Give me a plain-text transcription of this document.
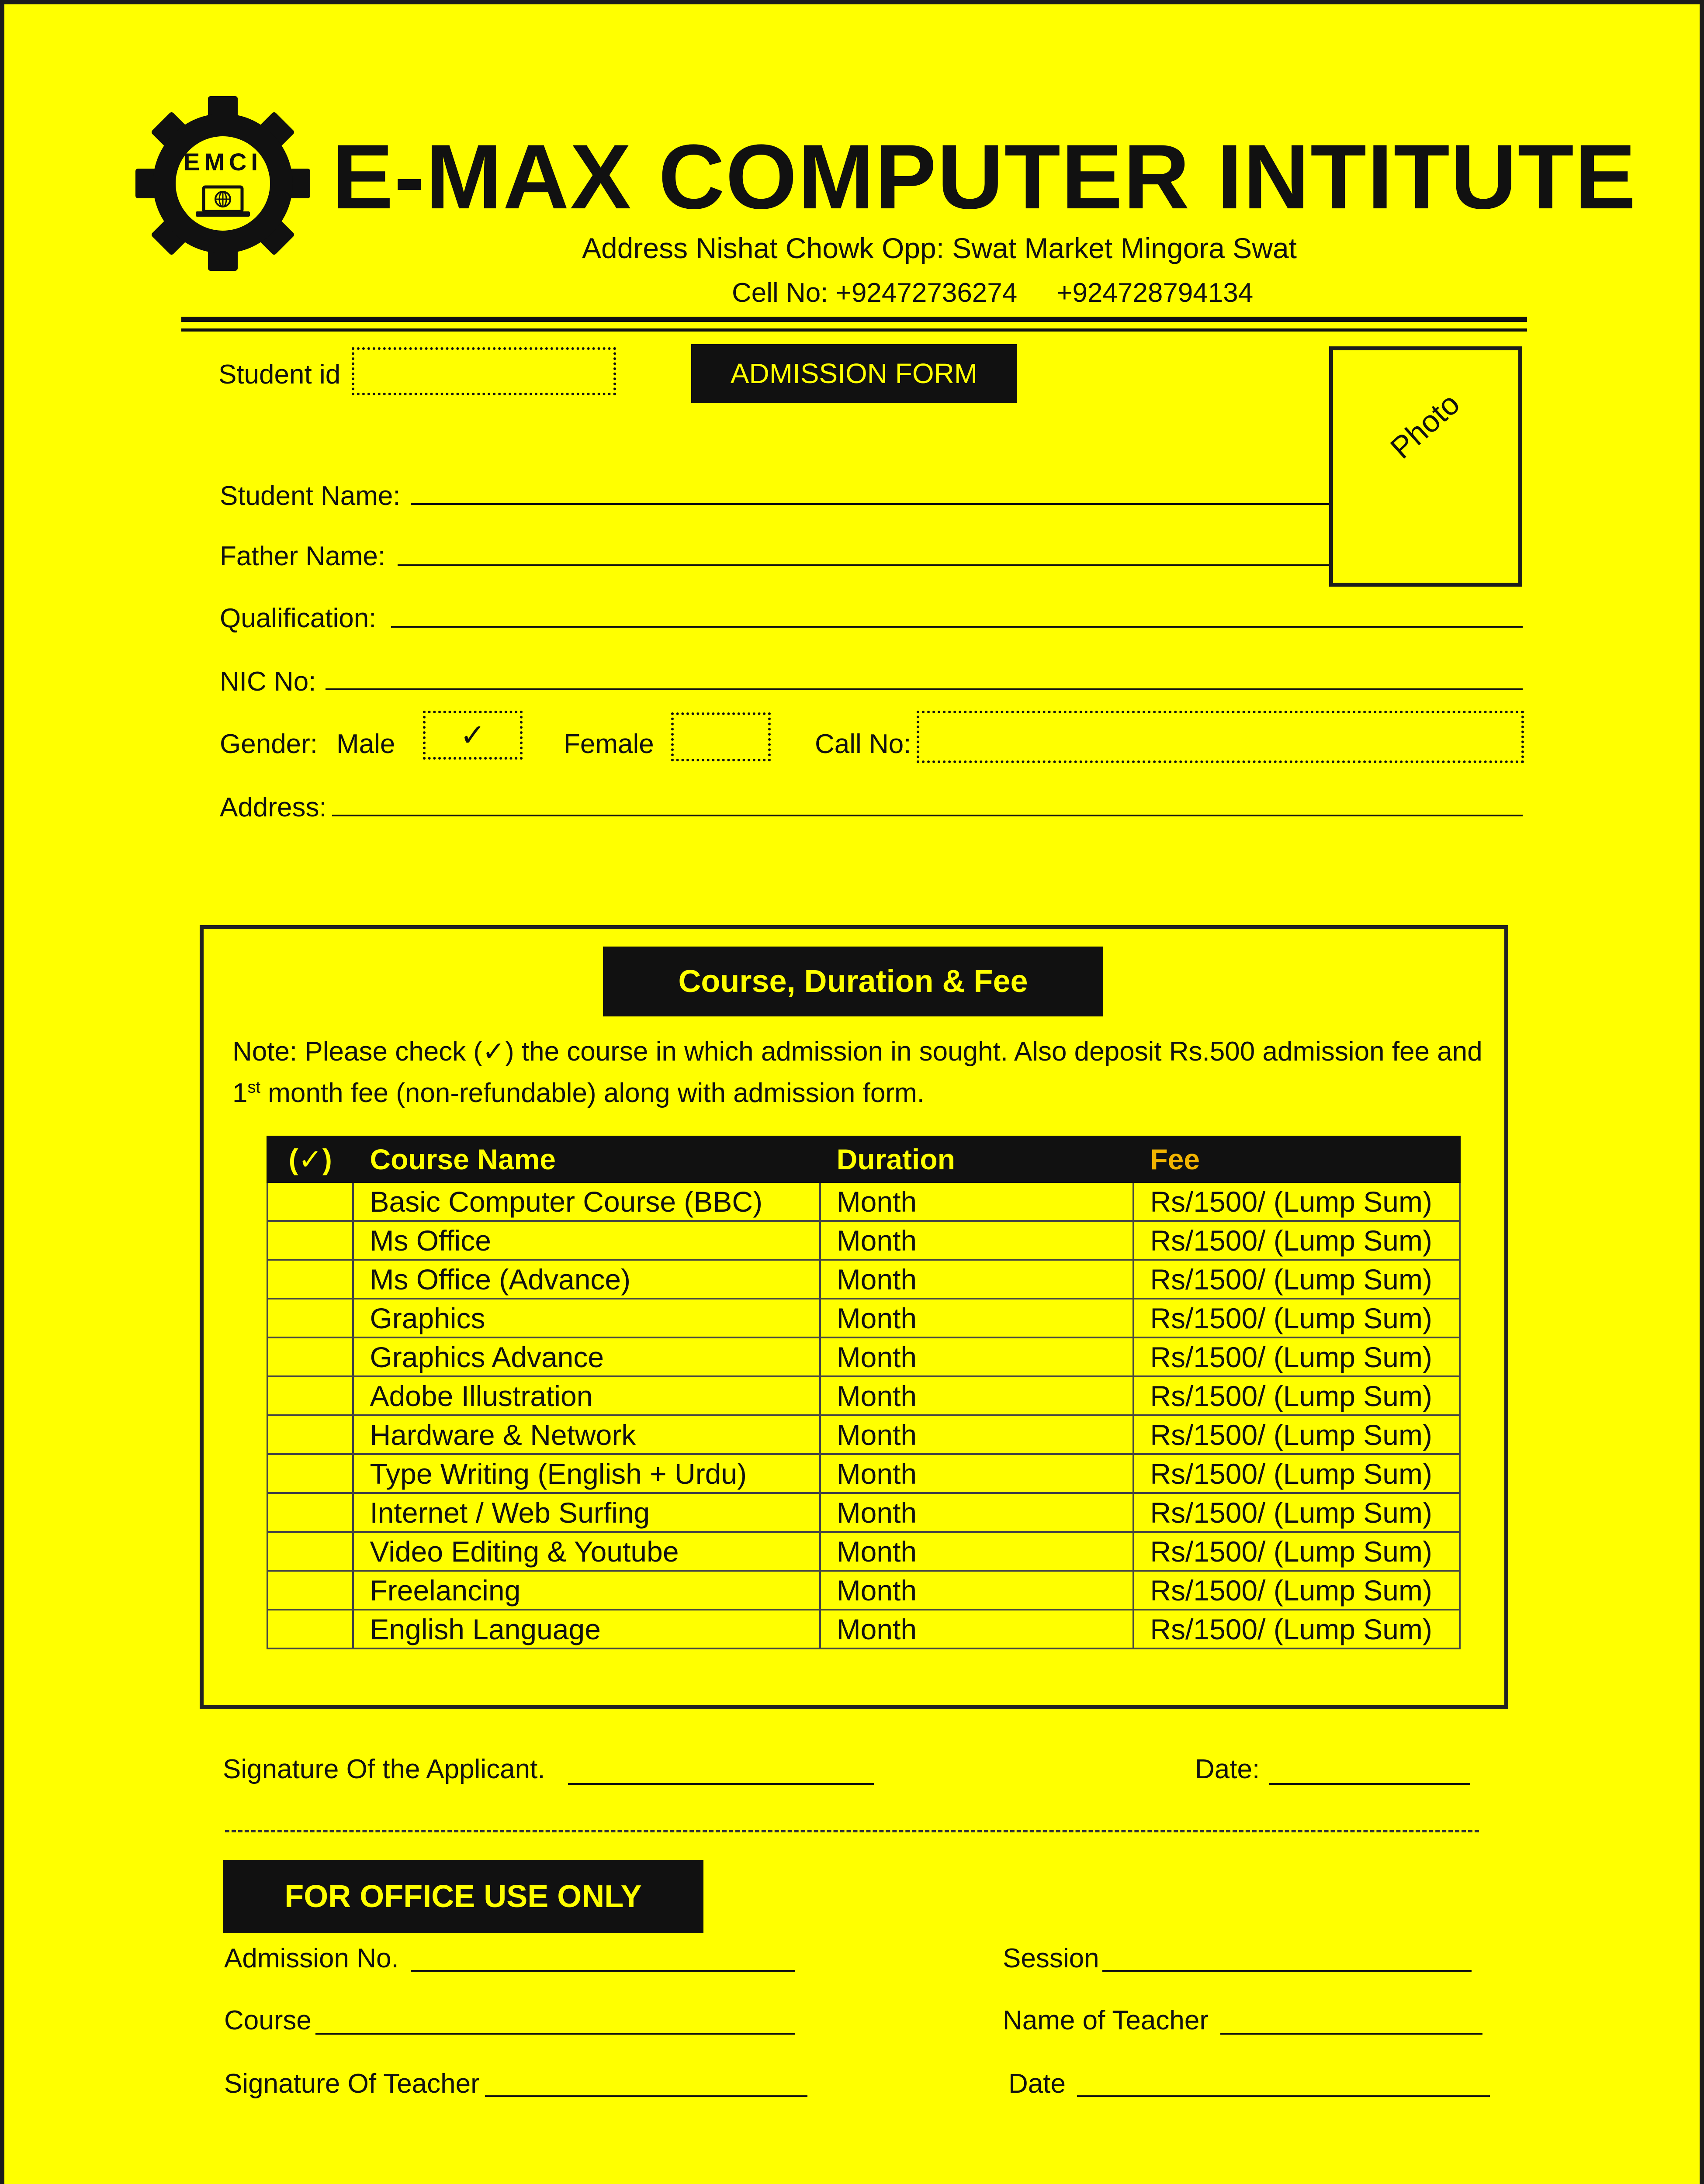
EMCI E-MAX COMPUTER INTITUTE
Address Nishat Chowk Opp: Swat Market Mingora Swat
Cell No: +92472736274 +924728794134
Student id	ADMISSION FORM
Photo
Student Name:
Father Name:
Qualification:
NIC No:
Gender: Male ✓	Female	Call No:
Address:
Course, Duration & Fee
Note: Please check (✓) the course in which admission in sought. Also deposit Rs.500 admission fee and 1st month fee (non-refundable) along with admission form.
(✓)	Course Name	Duration	Fee
	Basic Computer Course (BBC)	Month	Rs/1500/ (Lump Sum)
	Ms Office	Month	Rs/1500/ (Lump Sum)
	Ms Office (Advance)	Month	Rs/1500/ (Lump Sum)
	Graphics	Month	Rs/1500/ (Lump Sum)
	Graphics Advance	Month	Rs/1500/ (Lump Sum)
	Adobe Illustration	Month	Rs/1500/ (Lump Sum)
	Hardware & Network	Month	Rs/1500/ (Lump Sum)
	Type Writing (English + Urdu)	Month	Rs/1500/ (Lump Sum)
	Internet / Web Surfing	Month	Rs/1500/ (Lump Sum)
	Video Editing & Youtube	Month	Rs/1500/ (Lump Sum)
	Freelancing	Month	Rs/1500/ (Lump Sum)
	English Language	Month	Rs/1500/ (Lump Sum)
Signature Of the Applicant.	Date:
FOR OFFICE USE ONLY
Admission No.	Session
Course	Name of Teacher
Signature Of Teacher	Date
